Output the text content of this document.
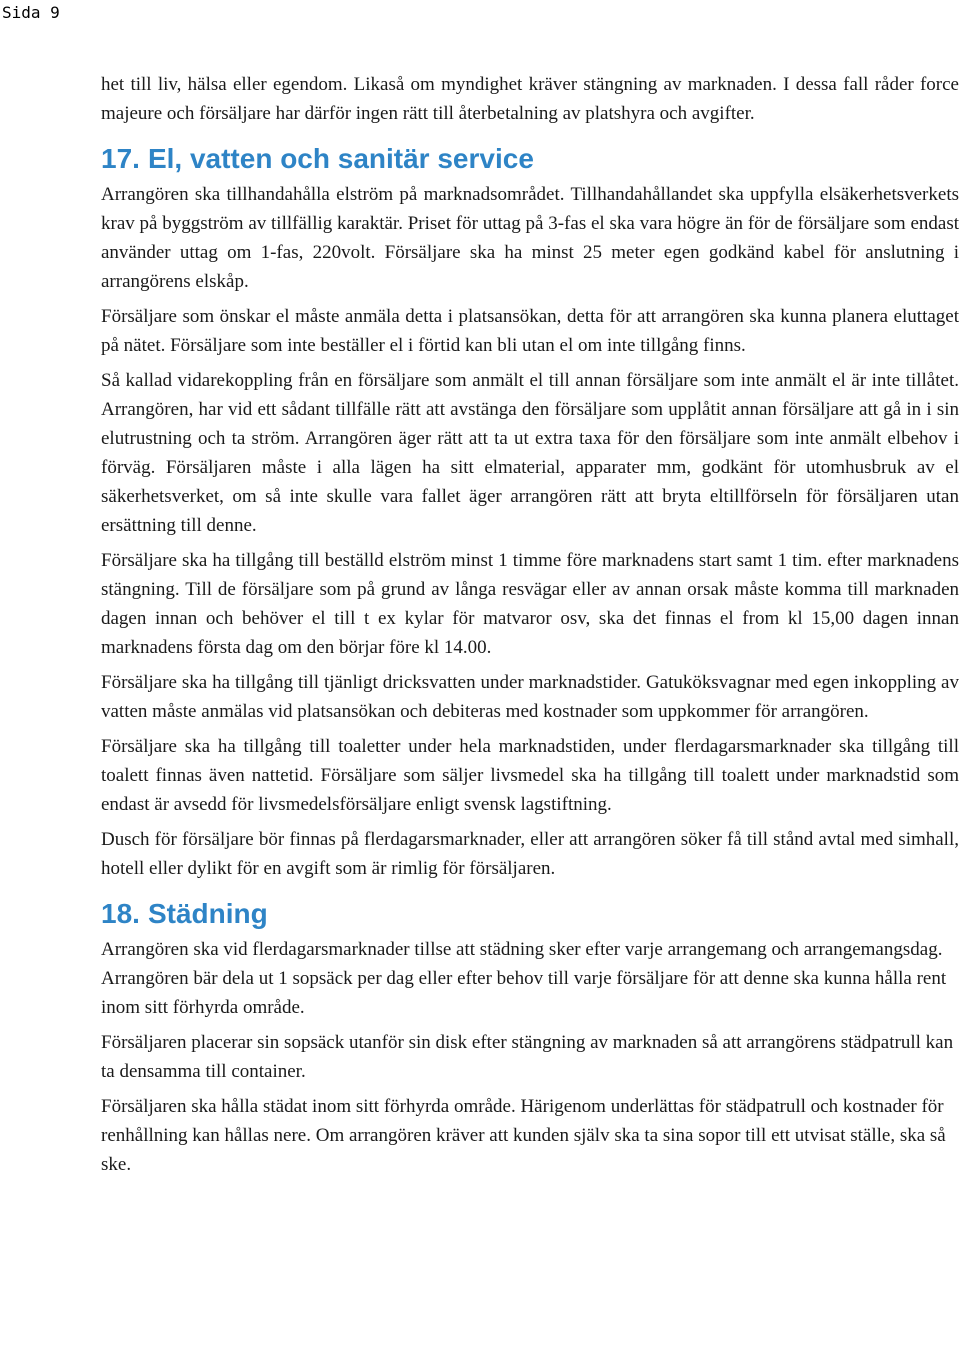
Sida 9

het till liv, hälsa eller egendom. Likaså om myndighet kräver stängning av marknaden. I dessa fall råder force majeure och försäljare har därför ingen rätt till återbetalning av platshyra och avgifter.

17. El, vatten och sanitär service

Arrangören ska tillhandahålla elström på marknadsområdet. Tillhandahållandet ska uppfylla elsäkerhetsverkets krav på byggström av tillfällig karaktär. Priset för uttag på 3-fas el ska vara högre än för de försäljare som endast använder uttag om 1-fas, 220volt. Försäljare ska ha minst 25 meter egen godkänd kabel för anslutning i arrangörens elskåp.

Försäljare som önskar el måste anmäla detta i platsansökan, detta för att arrangören ska kunna planera eluttaget på nätet. Försäljare som inte beställer el i förtid kan bli utan el om inte tillgång finns.

Så kallad vidarekoppling från en försäljare som anmält el till annan försäljare som inte anmält el är inte tillåtet. Arrangören, har vid ett sådant tillfälle rätt att avstänga den försäljare som upplåtit annan försäljare att gå in i sin elutrustning och ta ström. Arrangören äger rätt att ta ut extra taxa för den försäljare som inte anmält elbehov i förväg. Försäljaren måste i alla lägen ha sitt elmaterial, apparater mm, godkänt för utomhusbruk av el säkerhetsverket, om så inte skulle vara fallet äger arrangören rätt att bryta eltillförseln för försäljaren utan ersättning till denne.

Försäljare ska ha tillgång till beställd elström minst 1 timme före marknadens start samt 1 tim. efter marknadens stängning. Till de försäljare som på grund av långa resvägar eller av annan orsak måste komma till marknaden dagen innan och behöver el till t ex kylar för matvaror osv, ska det finnas el from kl 15,00 dagen innan marknadens första dag om den börjar före kl 14.00.

Försäljare ska ha tillgång till tjänligt dricksvatten under marknadstider. Gatuköksvagnar med egen inkoppling av vatten måste anmälas vid platsansökan och debiteras med kostnader som uppkommer för arrangören.

Försäljare ska ha tillgång till toaletter under hela marknadstiden, under flerdagarsmarknader ska tillgång till toalett finnas även nattetid. Försäljare som säljer livsmedel ska ha tillgång till toalett under marknadstid som endast är avsedd för livsmedelsförsäljare enligt svensk lagstiftning.

Dusch för försäljare bör finnas på flerdagarsmarknader, eller att arrangören söker få till stånd avtal med simhall, hotell eller dylikt för en avgift som är rimlig för försäljaren.

18. Städning

Arrangören ska vid flerdagarsmarknader tillse att städning sker efter varje arrangemang och arrangemangsdag. Arrangören bär dela ut 1 sopsäck per dag eller efter behov till varje försäljare för att denne ska kunna hålla rent inom sitt förhyrda område.

Försäljaren placerar sin sopsäck utanför sin disk efter stängning av marknaden så att arrangörens städpatrull kan ta densamma till container.

Försäljaren ska hålla städat inom sitt förhyrda område. Härigenom underlättas för städpatrull och kostnader för renhållning kan hållas nere. Om arrangören kräver att kunden själv ska ta sina sopor till ett utvisat ställe, ska så ske.
